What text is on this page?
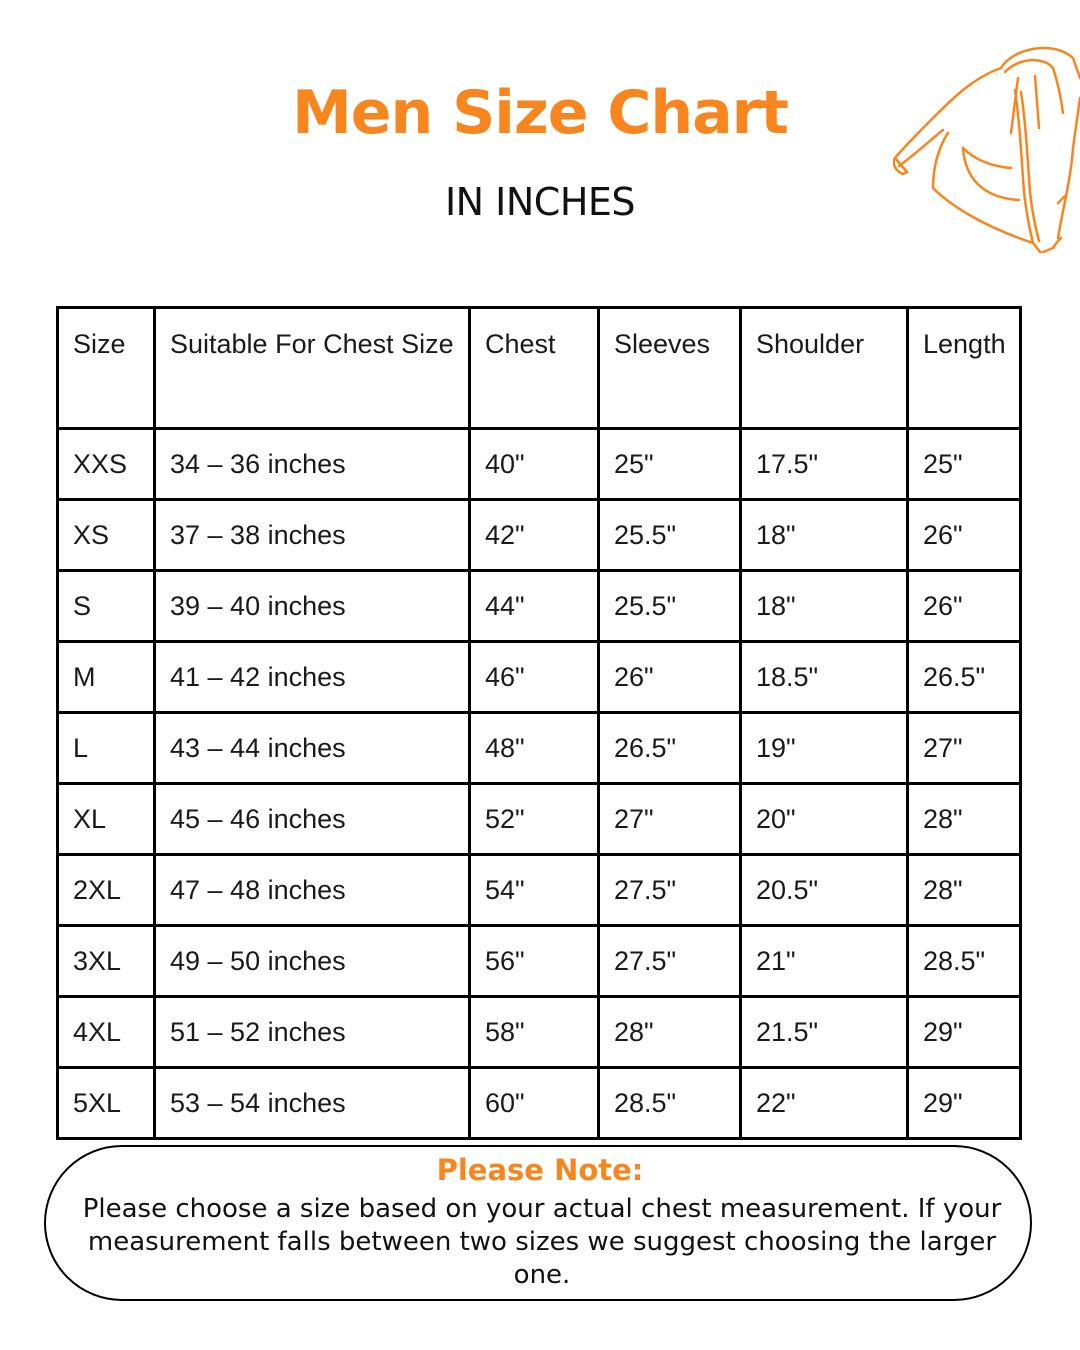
Men Size Chart
IN INCHES
Size	Suitable For Chest Size	Chest	Sleeves	Shoulder	Length
XXS	34 – 36 inches	40"	25"	17.5"	25"
XS	37 – 38 inches	42"	25.5"	18"	26"
S	39 – 40 inches	44"	25.5"	18"	26"
M	41 – 42 inches	46"	26"	18.5"	26.5"
L	43 – 44 inches	48"	26.5"	19"	27"
XL	45 – 46 inches	52"	27"	20"	28"
2XL	47 – 48 inches	54"	27.5"	20.5"	28"
3XL	49 – 50 inches	56"	27.5"	21"	28.5"
4XL	51 – 52 inches	58"	28"	21.5"	29"
5XL	53 – 54 inches	60"	28.5"	22"	29"
Please Note:
Please choose a size based on your actual chest measurement. If your measurement falls between two sizes we suggest choosing the larger one.
